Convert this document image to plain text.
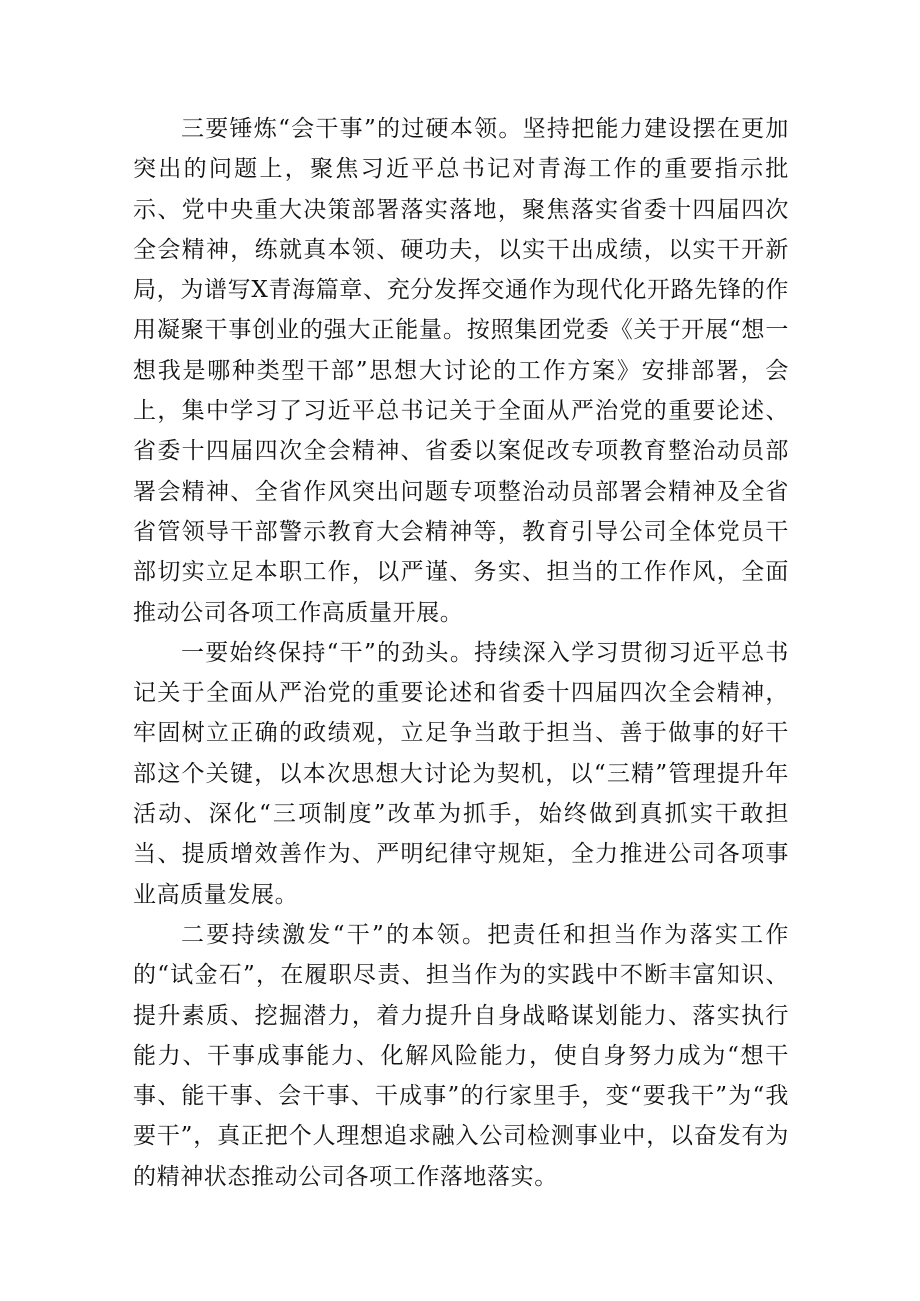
三要锤炼“会干事”的过硬本领。坚持把能力建设摆在更加突出的问题上，聚焦习近平总书记对青海工作的重要指示批示、党中央重大决策部署落实落地，聚焦落实省委十四届四次全会精神，练就真本领、硬功夫，以实干出成绩，以实干开新局，为谱写X青海篇章、充分发挥交通作为现代化开路先锋的作用凝聚干事创业的强大正能量。按照集团党委《关于开展“想一想我是哪种类型干部”思想大讨论的工作方案》安排部署，会上，集中学习了习近平总书记关于全面从严治党的重要论述、省委十四届四次全会精神、省委以案促改专项教育整治动员部署会精神、全省作风突出问题专项整治动员部署会精神及全省省管领导干部警示教育大会精神等，教育引导公司全体党员干部切实立足本职工作，以严谨、务实、担当的工作作风，全面推动公司各项工作高质量开展。

一要始终保持“干”的劲头。持续深入学习贯彻习近平总书记关于全面从严治党的重要论述和省委十四届四次全会精神，牢固树立正确的政绩观，立足争当敢于担当、善于做事的好干部这个关键，以本次思想大讨论为契机，以“三精”管理提升年活动、深化“三项制度”改革为抓手，始终做到真抓实干敢担当、提质增效善作为、严明纪律守规矩，全力推进公司各项事业高质量发展。

二要持续激发“干”的本领。把责任和担当作为落实工作的“试金石”，在履职尽责、担当作为的实践中不断丰富知识、提升素质、挖掘潜力，着力提升自身战略谋划能力、落实执行能力、干事成事能力、化解风险能力，使自身努力成为“想干事、能干事、会干事、干成事”的行家里手，变“要我干”为“我要干”，真正把个人理想追求融入公司检测事业中，以奋发有为的精神状态推动公司各项工作落地落实。
